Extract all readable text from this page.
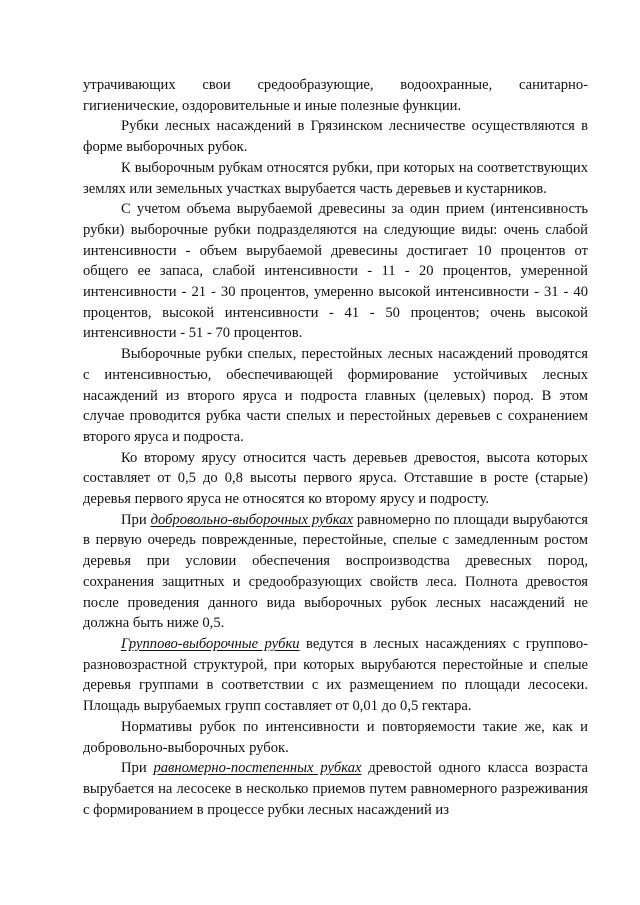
утрачивающих свои средообразующие, водоохранные, санитарно-гигиенические, оздоровительные и иные полезные функции.

Рубки лесных насаждений в Грязинском лесничестве осуществляются в форме выборочных рубок.

К выборочным рубкам относятся рубки, при которых на соответствующих землях или земельных участках вырубается часть деревьев и кустарников.

С учетом объема вырубаемой древесины за один прием (интенсивность рубки) выборочные рубки подразделяются на следующие виды: очень слабой интенсивности - объем вырубаемой древесины достигает 10 процентов от общего ее запаса, слабой интенсивности - 11 - 20 процентов, умеренной интенсивности - 21 - 30 процентов, умеренно высокой интенсивности - 31 - 40 процентов, высокой интенсивности - 41 - 50 процентов; очень высокой интенсивности - 51 - 70 процентов.

Выборочные рубки спелых, перестойных лесных насаждений проводятся с интенсивностью, обеспечивающей формирование устойчивых лесных насаждений из второго яруса и подроста главных (целевых) пород. В этом случае проводится рубка части спелых и перестойных деревьев с сохранением второго яруса и подроста.

Ко второму ярусу относится часть деревьев древостоя, высота которых составляет от 0,5 до 0,8 высоты первого яруса. Отставшие в росте (старые) деревья первого яруса не относятся ко второму ярусу и подросту.

При добровольно-выборочных рубках равномерно по площади вырубаются в первую очередь поврежденные, перестойные, спелые с замедленным ростом деревья при условии обеспечения воспроизводства древесных пород, сохранения защитных и средообразующих свойств леса. Полнота древостоя после проведения данного вида выборочных рубок лесных насаждений не должна быть ниже 0,5.

Группово-выборочные рубки ведутся в лесных насаждениях с группово-разновозрастной структурой, при которых вырубаются перестойные и спелые деревья группами в соответствии с их размещением по площади лесосеки. Площадь вырубаемых групп составляет от 0,01 до 0,5 гектара.

Нормативы рубок по интенсивности и повторяемости такие же, как и добровольно-выборочных рубок.

При равномерно-постепенных рубках древостой одного класса возраста вырубается на лесосеке в несколько приемов путем равномерного разреживания с формированием в процессе рубки лесных насаждений из
